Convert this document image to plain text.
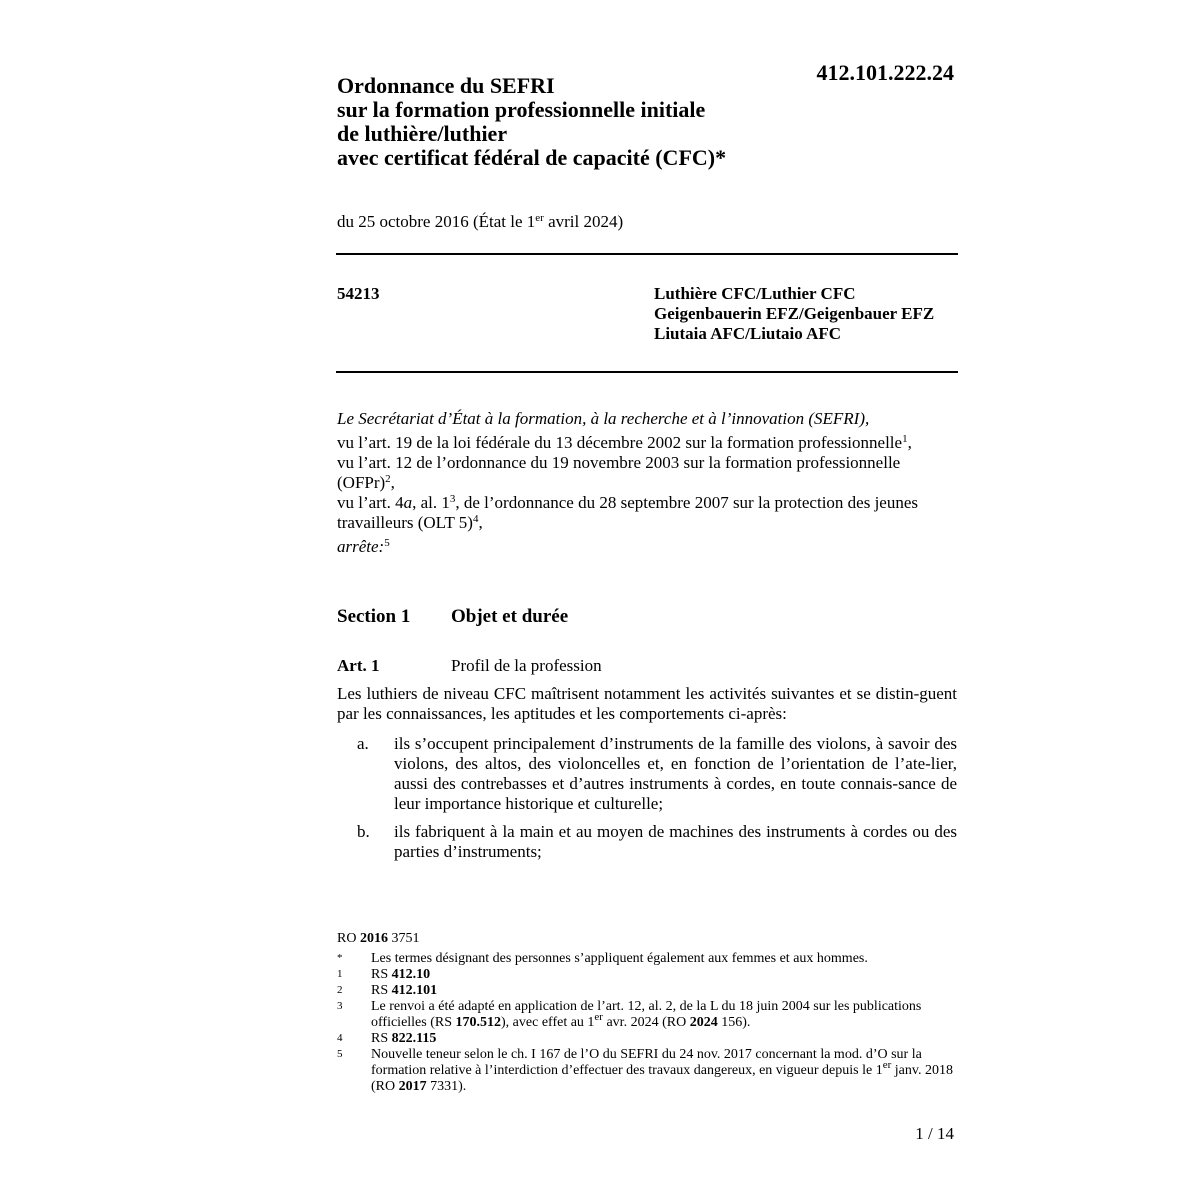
412.101.222.24
Ordonnance du SEFRI
sur la formation professionnelle initiale
de luthière/luthier
avec certificat fédéral de capacité (CFC)*
du 25 octobre 2016 (État le 1er avril 2024)
54213	Luthière CFC/Luthier CFC
Geigenbauerin EFZ/Geigenbauer EFZ
Liutaia AFC/Liutaio AFC

Le Secrétariat d’État à la formation, à la recherche et à l’innovation (SEFRI),

vu l’art. 19 de la loi fédérale du 13 décembre 2002 sur la formation professionnelle$^1$,
vu l’art. 12 de l’ordonnance du 19 novembre 2003 sur la formation professionnelle (OFPr)$^2$,
vu l’art. 4a, al. 1$^3$, de l’ordonnance du 28 septembre 2007 sur la protection des jeunes travailleurs (OLT 5)$^4$,

arrête:$^5$

Section 1 Objet et durée
Art. 1	Profil de la profession
Les luthiers de niveau CFC maîtrisent notamment les activités suivantes et se distin-guent par les connaissances, les aptitudes et les comportements ci-après:
a.	ils s’occupent principalement d’instruments de la famille des violons, à savoir des violons, des altos, des violoncelles et, en fonction de l’orientation de l’ate-lier, aussi des contrebasses et d’autres instruments à cordes, en toute connais-sance de leur importance historique et culturelle;
b.	ils fabriquent à la main et au moyen de machines des instruments à cordes ou des parties d’instruments;
RO 2016 3751
*	Les termes désignant des personnes s’appliquent également aux femmes et aux hommes.
1	RS 412.10
2	RS 412.101
3	Le renvoi a été adapté en application de l’art. 12, al. 2, de la L du 18 juin 2004 sur les publications officielles (RS 170.512), avec effet au 1er avr. 2024 (RO 2024 156).
4	RS 822.115
5	Nouvelle teneur selon le ch. I 167 de l’O du SEFRI du 24 nov. 2017 concernant la mod. d’O sur la formation relative à l’interdiction d’effectuer des travaux dangereux, en vigueur depuis le 1er janv. 2018 (RO 2017 7331).
1 / 14
